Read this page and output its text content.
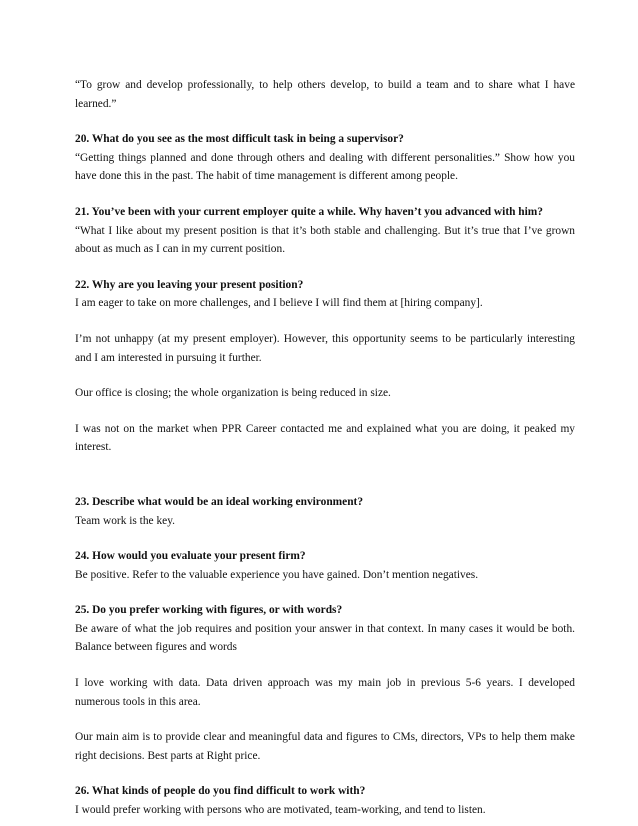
“To grow and develop professionally, to help others develop, to build a team and to share what I have learned.”

20. What do you see as the most difficult task in being a supervisor?

“Getting things planned and done through others and dealing with different personalities.” Show how you have done this in the past. The habit of time management is different among people.

21. You’ve been with your current employer quite a while. Why haven’t you advanced with him?

“What I like about my present position is that it’s both stable and challenging. But it’s true that I’ve grown about as much as I can in my current position.

22. Why are you leaving your present position?

I am eager to take on more challenges, and I believe I will find them at [hiring company].

I’m not unhappy (at my present employer). However, this opportunity seems to be particularly interesting and I am interested in pursuing it further.

Our office is closing; the whole organization is being reduced in size.

I was not on the market when PPR Career contacted me and explained what you are doing, it peaked my interest.

23. Describe what would be an ideal working environment?

Team work is the key.

24. How would you evaluate your present firm?

Be positive. Refer to the valuable experience you have gained. Don’t mention negatives.

25. Do you prefer working with figures, or with words?

Be aware of what the job requires and position your answer in that context. In many cases it would be both. Balance between figures and words

I love working with data. Data driven approach was my main job in previous 5-6 years. I developed numerous tools in this area.

Our main aim is to provide clear and meaningful data and figures to CMs, directors, VPs to help them make right decisions. Best parts at Right price.

26. What kinds of people do you find difficult to work with?

I would prefer working with persons who are motivated, team-working, and tend to listen.
